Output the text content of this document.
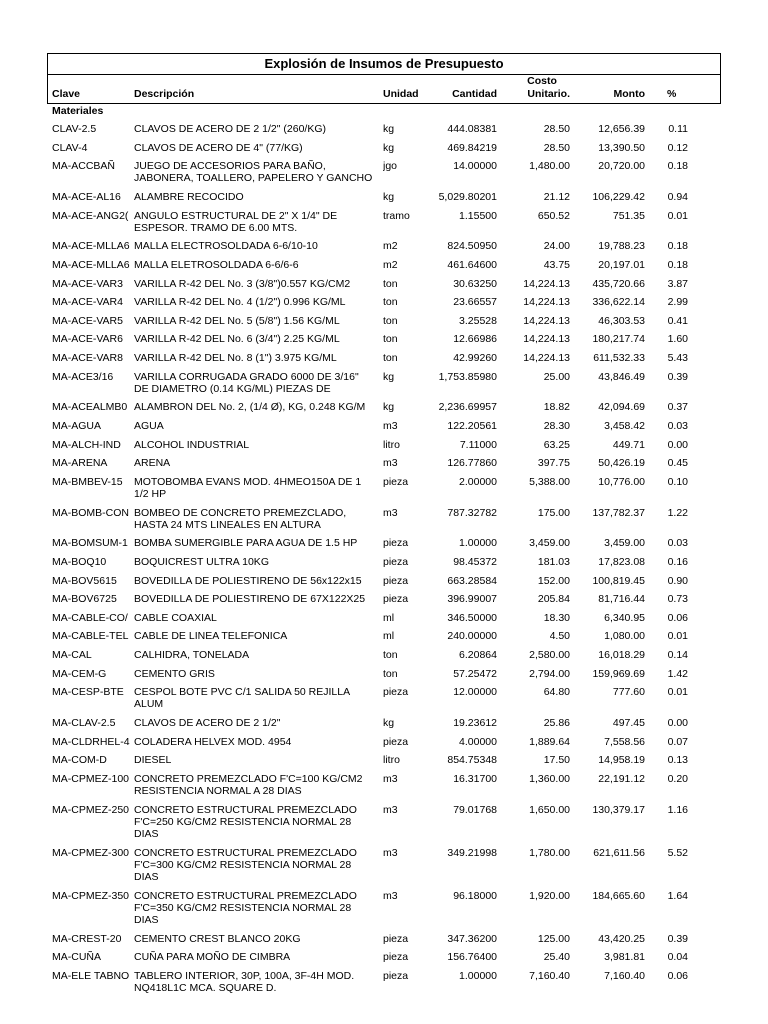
Explosión de Insumos de Presupuesto
Clave	Descripción	Unidad	Cantidad
Costo
Unitario.	Monto %
Materiales
CLAV-2.5	CLAVOS DE ACERO DE 2 1/2" (260/KG)	kg	444.08381	28.50	12,656.39 0.11
CLAV-4	CLAVOS DE ACERO DE 4" (77/KG)	kg	469.84219	28.50	13,390.50 0.12
MA-ACCBAÑ	JUEGO DE ACCESORIOS PARA BAÑO,
JABONERA, TOALLERO, PAPELERO Y GANCHO
jgo	14.00000	1,480.00	20,720.00 0.18
MA-ACE-AL16	ALAMBRE RECOCIDO	kg	5,029.80201	21.12 106,229.42 0.94
MA-ACE-ANG2( ANGULO ESTRUCTURAL DE 2" X 1/4" DE
ESPESOR. TRAMO DE 6.00 MTS.
tramo	1.15500	650.52	751.35 0.01
MA-ACE-MLLA6 MALLA ELECTROSOLDADA 6-6/10-10	m2	824.50950	24.00	19,788.23 0.18
MA-ACE-MLLA6 MALLA ELETROSOLDADA 6-6/6-6	m2	461.64600	43.75	20,197.01 0.18
MA-ACE-VAR3	VARILLA R-42 DEL No. 3 (3/8")0.557 KG/CM2	ton	30.63250	14,224.13 435,720.66 3.87
MA-ACE-VAR4	VARILLA R-42 DEL No. 4 (1/2") 0.996 KG/ML	ton	23.66557	14,224.13 336,622.14 2.99
MA-ACE-VAR5	VARILLA R-42 DEL No. 5 (5/8") 1.56 KG/ML	ton	3.25528	14,224.13	46,303.53 0.41
MA-ACE-VAR6	VARILLA R-42 DEL No. 6 (3/4") 2.25 KG/ML	ton	12.66986	14,224.13 180,217.74 1.60
MA-ACE-VAR8	VARILLA R-42 DEL No. 8 (1") 3.975 KG/ML	ton	42.99260	14,224.13 611,532.33 5.43
MA-ACE3/16	VARILLA CORRUGADA GRADO 6000 DE 3/16"
DE DIAMETRO (0.14 KG/ML) PIEZAS DE
kg	1,753.85980	25.00	43,846.49 0.39
MA-ACEALMB0 ALAMBRON DEL No. 2, (1/4 Ø), KG, 0.248 KG/M	kg	2,236.69957	18.82	42,094.69 0.37
MA-AGUA	AGUA	m3	122.20561	28.30	3,458.42 0.03
MA-ALCH-IND	ALCOHOL INDUSTRIAL	litro	7.11000	63.25	449.71 0.00
MA-ARENA	ARENA	m3	126.77860	397.75	50,426.19 0.45
MA-BMBEV-15	MOTOBOMBA EVANS MOD. 4HMEO150A DE 1
1/2 HP
pieza	2.00000	5,388.00	10,776.00 0.10
MA-BOMB-CON BOMBEO DE CONCRETO PREMEZCLADO,
HASTA 24 MTS LINEALES EN ALTURA
m3	787.32782	175.00 137,782.37 1.22
MA-BOMSUM-1 BOMBA SUMERGIBLE PARA AGUA DE 1.5 HP	pieza	1.00000	3,459.00	3,459.00 0.03
MA-BOQ10	BOQUICREST ULTRA 10KG	pieza	98.45372	181.03	17,823.08 0.16
MA-BOV5615	BOVEDILLA DE POLIESTIRENO DE 56x122x15	pieza	663.28584	152.00 100,819.45 0.90
MA-BOV6725	BOVEDILLA DE POLIESTIRENO DE 67X122X25	pieza	396.99007	205.84	81,716.44 0.73
MA-CABLE-CO/ CABLE COAXIAL	ml	346.50000	18.30	6,340.95 0.06
MA-CABLE-TEL CABLE DE LINEA TELEFONICA	ml	240.00000	4.50	1,080.00 0.01
MA-CAL	CALHIDRA, TONELADA	ton	6.20864	2,580.00	16,018.29 0.14
MA-CEM-G	CEMENTO GRIS	ton	57.25472	2,794.00 159,969.69 1.42
MA-CESP-BTE CESPOL BOTE PVC C/1 SALIDA 50 REJILLA
ALUM
pieza	12.00000	64.80	777.60 0.01
MA-CLAV-2.5	CLAVOS DE ACERO DE 2 1/2"	kg	19.23612	25.86	497.45 0.00
MA-CLDRHEL-4 COLADERA HELVEX MOD. 4954	pieza	4.00000	1,889.64	7,558.56 0.07
MA-COM-D	DIESEL	litro	854.75348	17.50	14,958.19 0.13
MA-CPMEZ-100 CONCRETO PREMEZCLADO F'C=100 KG/CM2
RESISTENCIA NORMAL A 28 DIAS
m3	16.31700	1,360.00	22,191.12 0.20
MA-CPMEZ-250 CONCRETO ESTRUCTURAL PREMEZCLADO
F'C=250 KG/CM2 RESISTENCIA NORMAL 28
DIAS
m3	79.01768	1,650.00 130,379.17 1.16
MA-CPMEZ-300 CONCRETO ESTRUCTURAL PREMEZCLADO
F'C=300 KG/CM2 RESISTENCIA NORMAL 28
DIAS
m3	349.21998	1,780.00 621,611.56 5.52
MA-CPMEZ-350 CONCRETO ESTRUCTURAL PREMEZCLADO
F'C=350 KG/CM2 RESISTENCIA NORMAL 28
DIAS
m3	96.18000	1,920.00 184,665.60 1.64
MA-CREST-20	CEMENTO CREST BLANCO 20KG	pieza	347.36200	125.00	43,420.25 0.39
MA-CUÑA	CUÑA PARA MOÑO DE CIMBRA	pieza	156.76400	25.40	3,981.81 0.04
MA-ELE TABNO TABLERO INTERIOR, 30P, 100A, 3F-4H MOD.
NQ418L1C MCA. SQUARE D.
pieza	1.00000	7,160.40	7,160.40 0.06
